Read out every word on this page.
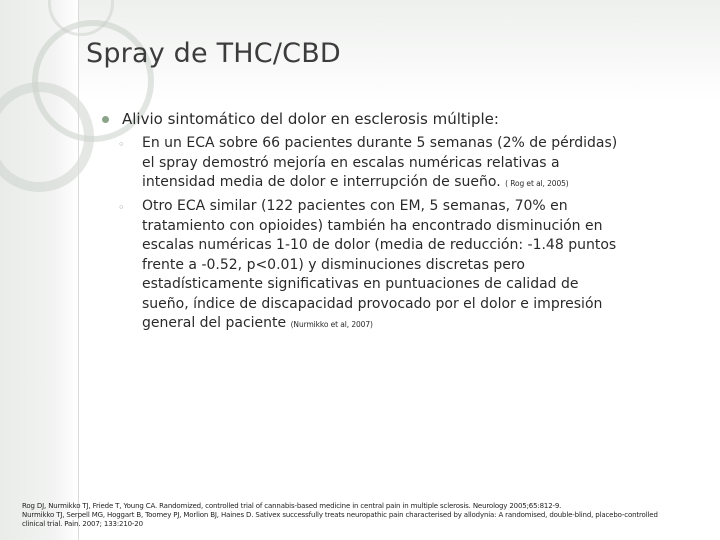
Spray de THC/CBD
Alivio sintomático del dolor en esclerosis múltiple:
◦ En un ECA sobre 66 pacientes durante 5 semanas (2% de pérdidas) el spray demostró mejoría en escalas numéricas relativas a intensidad media de dolor e interrupción de sueño. ( Rog et al, 2005)
◦ Otro ECA similar (122 pacientes con EM, 5 semanas, 70% en tratamiento con opioides) también ha encontrado disminución en escalas numéricas 1-10 de dolor (media de reducción: -1.48 puntos frente a -0.52, p<0.01) y disminuciones discretas pero estadísticamente significativas en puntuaciones de calidad de sueño, índice de discapacidad provocado por el dolor e impresión general del paciente (Nurmikko et al, 2007)
Rog DJ, Nurmikko TJ, Friede T, Young CA. Randomized, controlled trial of cannabis-based medicine in central pain in multiple sclerosis. Neurology 2005;65:812-9.
Nurmikko TJ, Serpell MG, Hoggart B, Toomey PJ, Morlion BJ, Haines D. Sativex successfully treats neuropathic pain characterised by allodynia: A randomised, double-blind, placebo-controlled
clinical trial. Pain. 2007; 133:210-20
